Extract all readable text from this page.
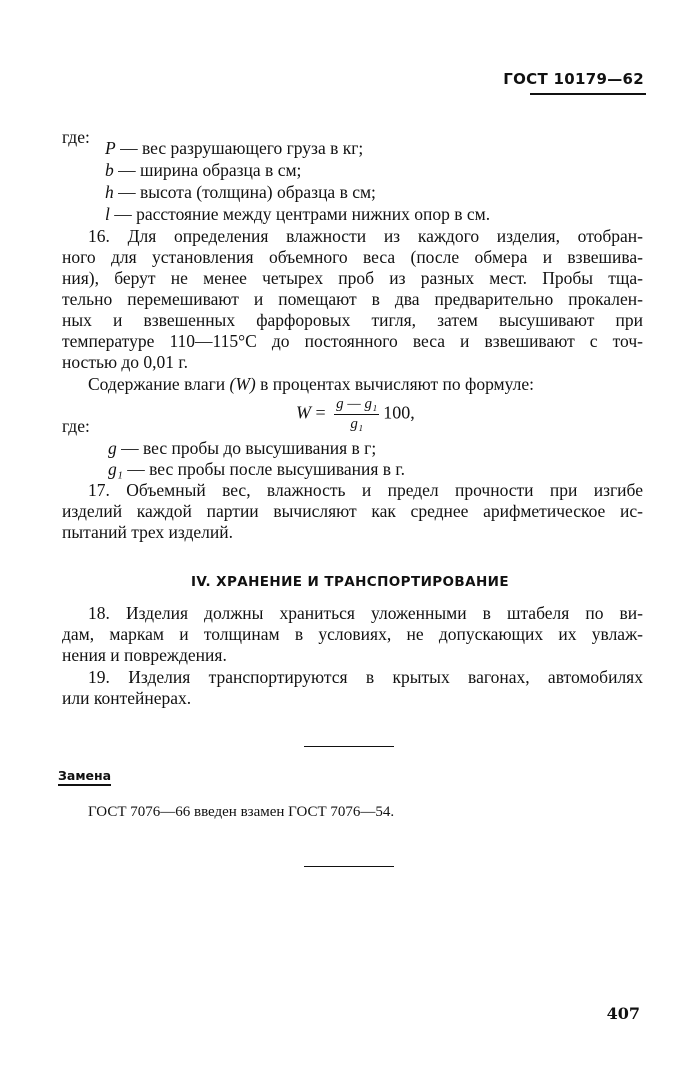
ГОСТ 10179—62
где:
P — вес разрушающего груза в кг;
b — ширина образца в см;
h — высота (толщина) образца в см;
l — расстояние между центрами нижних опор в см.
16. Для определения влажности из каждого изделия, отобран-
ного для установления объемного веса (после обмера и взвешива-
ния), берут не менее четырех проб из разных мест. Пробы тща-
тельно перемешивают и помещают в два предварительно прокален-
ных и взвешенных фарфоровых тигля, затем высушивают при
температуре 110—115°С до постоянного веса и взвешивают с точ-
ностью до 0,01 г.
Содержание влаги (W) в процентах вычисляют по формуле:
$W = \frac{\text{g — g₁}}{\text{g₁}} 100$,
где:
g — вес пробы до высушивания в г;
g₁ — вес пробы после высушивания в г.
17. Объемный вес, влажность и предел прочности при изгибе
изделий каждой партии вычисляют как среднее арифметическое ис-
пытаний трех изделий.
IV. ХРАНЕНИЕ И ТРАНСПОРТИРОВАНИЕ
18. Изделия должны храниться уложенными в штабеля по ви-
дам, маркам и толщинам в условиях, не допускающих их увлаж-
нения и повреждения.
19. Изделия транспортируются в крытых вагонах, автомобилях
или контейнерах.
Замена
ГОСТ 7076—66 введен взамен ГОСТ 7076—54.
407
